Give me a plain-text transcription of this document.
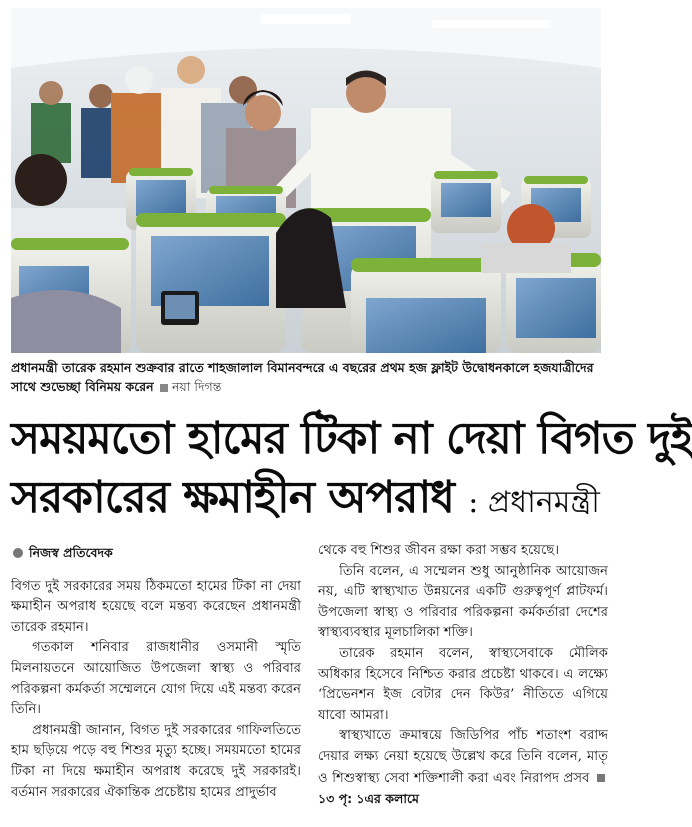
প্রধানমন্ত্রী তারেক রহমান শুক্রবার রাতে শাহজালাল বিমানবন্দরে এ বছরের প্রথম হজ ফ্লাইট উদ্বোধনকালে হজযাত্রীদের সাথে শুভেচ্ছা বিনিময় করেন নয়া দিগন্ত
সময়মতো হামের টিকা না দেয়া বিগত দুই
সরকারের ক্ষমাহীন অপরাধ : প্রধানমন্ত্রী
নিজস্ব প্রতিবেদক

বিগত দুই সরকারের সময় ঠিকমতো হামের টিকা না দেয়া ক্ষমাহীন অপরাধ হয়েছে বলে মন্তব্য করেছেন প্রধানমন্ত্রী তারেক রহমান।

গতকাল শনিবার রাজধানীর ওসমানী স্মৃতি মিলনায়তনে আয়োজিত উপজেলা স্বাস্থ্য ও পরিবার পরিকল্পনা কর্মকর্তা সম্মেলনে যোগ দিয়ে এই মন্তব্য করেন তিনি।

প্রধানমন্ত্রী জানান, বিগত দুই সরকারের গাফিলতিতে হাম ছড়িয়ে পড়ে বহু শিশুর মৃত্যু হচ্ছে। সময়মতো হামের টিকা না দিয়ে ক্ষমাহীন অপরাধ করেছে দুই সরকারই। বর্তমান সরকারের ঐকান্তিক প্রচেষ্টায় হামের প্রাদুর্ভাব

থেকে বহু শিশুর জীবন রক্ষা করা সম্ভব হয়েছে।

তিনি বলেন, এ সম্মেলন শুধু আনুষ্ঠানিক আয়োজন নয়, এটি স্বাস্থ্যখাত উন্নয়নের একটি গুরুত্বপূর্ণ প্লাটফর্ম। উপজেলা স্বাস্থ্য ও পরিবার পরিকল্পনা কর্মকর্তারা দেশের স্বাস্থ্যব্যবস্থার মূলচালিকা শক্তি।

তারেক রহমান বলেন, স্বাস্থ্যসেবাকে মৌলিক অধিকার হিসেবে নিশ্চিত করার প্রচেষ্টা থাকবে। এ লক্ষ্যে ‘প্রিভেনশন ইজ বেটার দেন কিউর’ নীতিতে এগিয়ে যাবো আমরা।

স্বাস্থ্যখাতে ক্রমান্বয়ে জিডিপির পাঁচ শতাংশ বরাদ্দ দেয়ার লক্ষ্য নেয়া হয়েছে উল্লেখ করে তিনি বলেন, মাতৃ ও শিশুস্বাস্থ্য সেবা শক্তিশালী করা এবং নিরাপদ প্রসব ১৩ পৃ: ১এর কলামে
